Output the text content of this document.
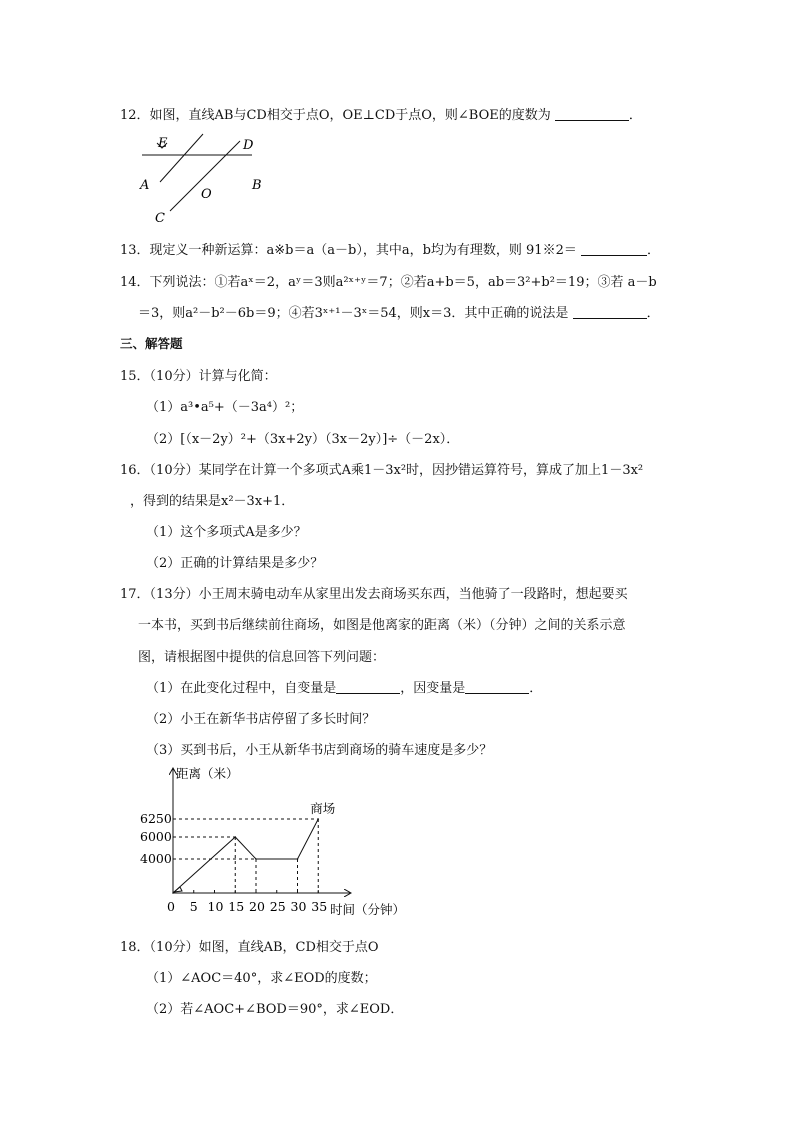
12．如图，直线AB与CD相交于点O，OE⊥CD于点O，则∠BOE的度数为	．
E	D
A
O
B
C
13．现定义一种新运算：a※b＝a（a－b），其中a，b均为有理数，则 91※2＝	．
14．下列说法：①若aˣ＝2，aʸ＝3则a²ˣ⁺ʸ＝7；②若a+b＝5，ab＝3²+b²＝19；③若 a－b
＝3，则a²－b²－6b＝9；④若3ˣ⁺¹－3ˣ＝54，则x＝3．其中正确的说法是	．
三、解答题
15．（10分）计算与化简：
（1）a³•a⁵+（－3a⁴）²；
（2）[（x－2y）²+（3x+2y）（3x－2y）]÷（－2x）．
16．（10分）某同学在计算一个多项式A乘1－3x²时，因抄错运算符号，算成了加上1－3x²
，得到的结果是x²－3x+1．
（1）这个多项式A是多少？
（2）正确的计算结果是多少？
17．（13分）小王周末骑电动车从家里出发去商场买东西，当他骑了一段路时，想起要买
一本书，买到书后继续前往商场，如图是他离家的距离（米）（分钟）之间的关系示意
图，请根据图中提供的信息回答下列问题：
（1）在此变化过程中，自变量是	，因变量是	．
（2）小王在新华书店停留了多长时间？
（3）买到书后，小王从新华书店到商场的骑车速度是多少？
距离（米）
时间（分钟）
0 5 10 15 20 25 30 35
4000
6000
6250
商场
18．（10分）如图，直线AB，CD相交于点O
（1）∠AOC＝40°，求∠EOD的度数；
（2）若∠AOC+∠BOD＝90°，求∠EOD．
